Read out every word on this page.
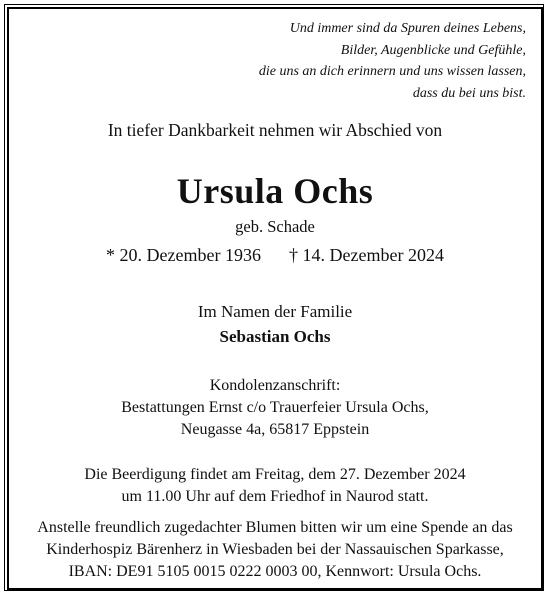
Und immer sind da Spuren deines Lebens,
Bilder, Augenblicke und Gefühle,
die uns an dich erinnern und uns wissen lassen,
dass du bei uns bist.
In tiefer Dankbarkeit nehmen wir Abschied von
Ursula Ochs
geb. Schade
* 20. Dezember 1936 † 14. Dezember 2024
Im Namen der Familie
Sebastian Ochs
Kondolenzanschrift:
Bestattungen Ernst c/o Trauerfeier Ursula Ochs,
Neugasse 4a, 65817 Eppstein
Die Beerdigung findet am Freitag, dem 27. Dezember 2024
um 11.00 Uhr auf dem Friedhof in Naurod statt.
Anstelle freundlich zugedachter Blumen bitten wir um eine Spende an das
Kinderhospiz Bärenherz in Wiesbaden bei der Nassauischen Sparkasse,
IBAN: DE91 5105 0015 0222 0003 00, Kennwort: Ursula Ochs.
